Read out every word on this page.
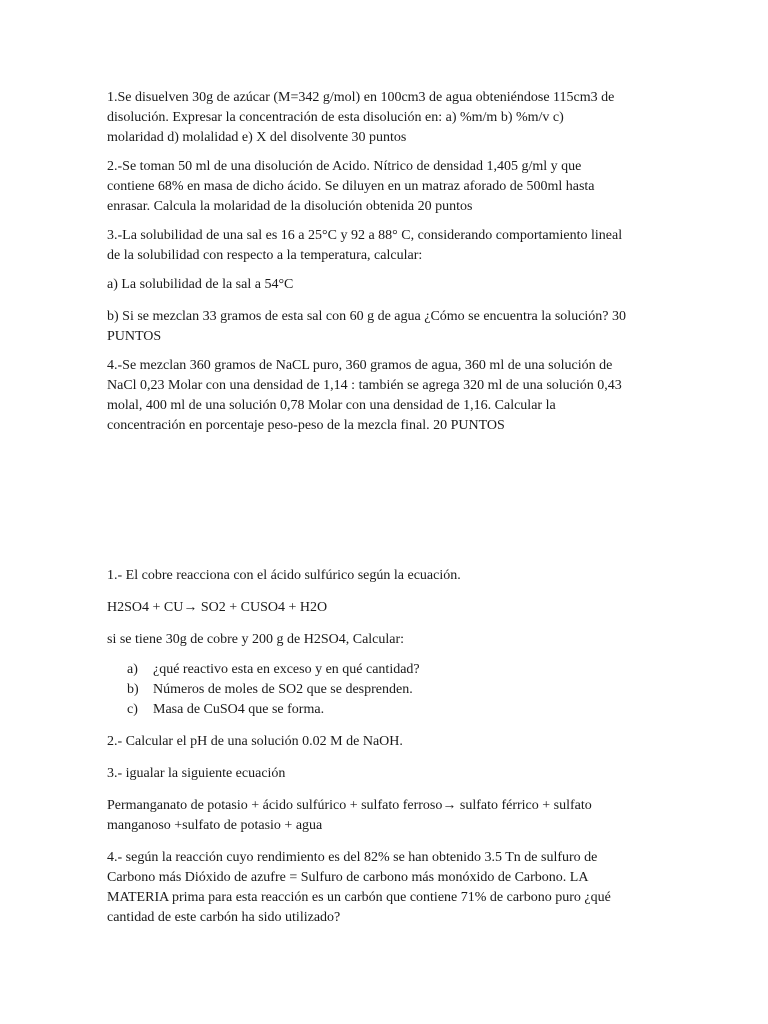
1.Se disuelven 30g de azúcar (M=342 g/mol) en 100cm3 de agua obteniéndose 115cm3 de
disolución. Expresar la concentración de esta disolución en: a) %m/m b) %m/v c)
molaridad d) molalidad e) X del disolvente 30 puntos

2.-Se toman 50 ml de una disolución de Acido. Nítrico de densidad 1,405 g/ml y que
contiene 68% en masa de dicho ácido. Se diluyen en un matraz aforado de 500ml hasta
enrasar. Calcula la molaridad de la disolución obtenida 20 puntos

3.-La solubilidad de una sal es 16 a 25°C y 92 a 88° C, considerando comportamiento lineal
de la solubilidad con respecto a la temperatura, calcular:

a) La solubilidad de la sal a 54°C

b) Si se mezclan 33 gramos de esta sal con 60 g de agua ¿Cómo se encuentra la solución? 30
PUNTOS

4.-Se mezclan 360 gramos de NaCL puro, 360 gramos de agua, 360 ml de una solución de
NaCl 0,23 Molar con una densidad de 1,14 : también se agrega 320 ml de una solución 0,43
molal, 400 ml de una solución 0,78 Molar con una densidad de 1,16. Calcular la
concentración en porcentaje peso-peso de la mezcla final. 20 PUNTOS

1.- El cobre reacciona con el ácido sulfúrico según la ecuación.

H2SO4 + CU→ SO2 + CUSO4 + H2O

si se tiene 30g de cobre y 200 g de H2SO4, Calcular:

a)	¿qué reactivo esta en exceso y en qué cantidad?
b)	Números de moles de SO2 que se desprenden.
c)	Masa de CuSO4 que se forma.

2.- Calcular el pH de una solución 0.02 M de NaOH.

3.- igualar la siguiente ecuación

Permanganato de potasio + ácido sulfúrico + sulfato ferroso→ sulfato férrico + sulfato
manganoso +sulfato de potasio + agua

4.- según la reacción cuyo rendimiento es del 82% se han obtenido 3.5 Tn de sulfuro de
Carbono más Dióxido de azufre = Sulfuro de carbono más monóxido de Carbono. LA
MATERIA prima para esta reacción es un carbón que contiene 71% de carbono puro ¿qué
cantidad de este carbón ha sido utilizado?
